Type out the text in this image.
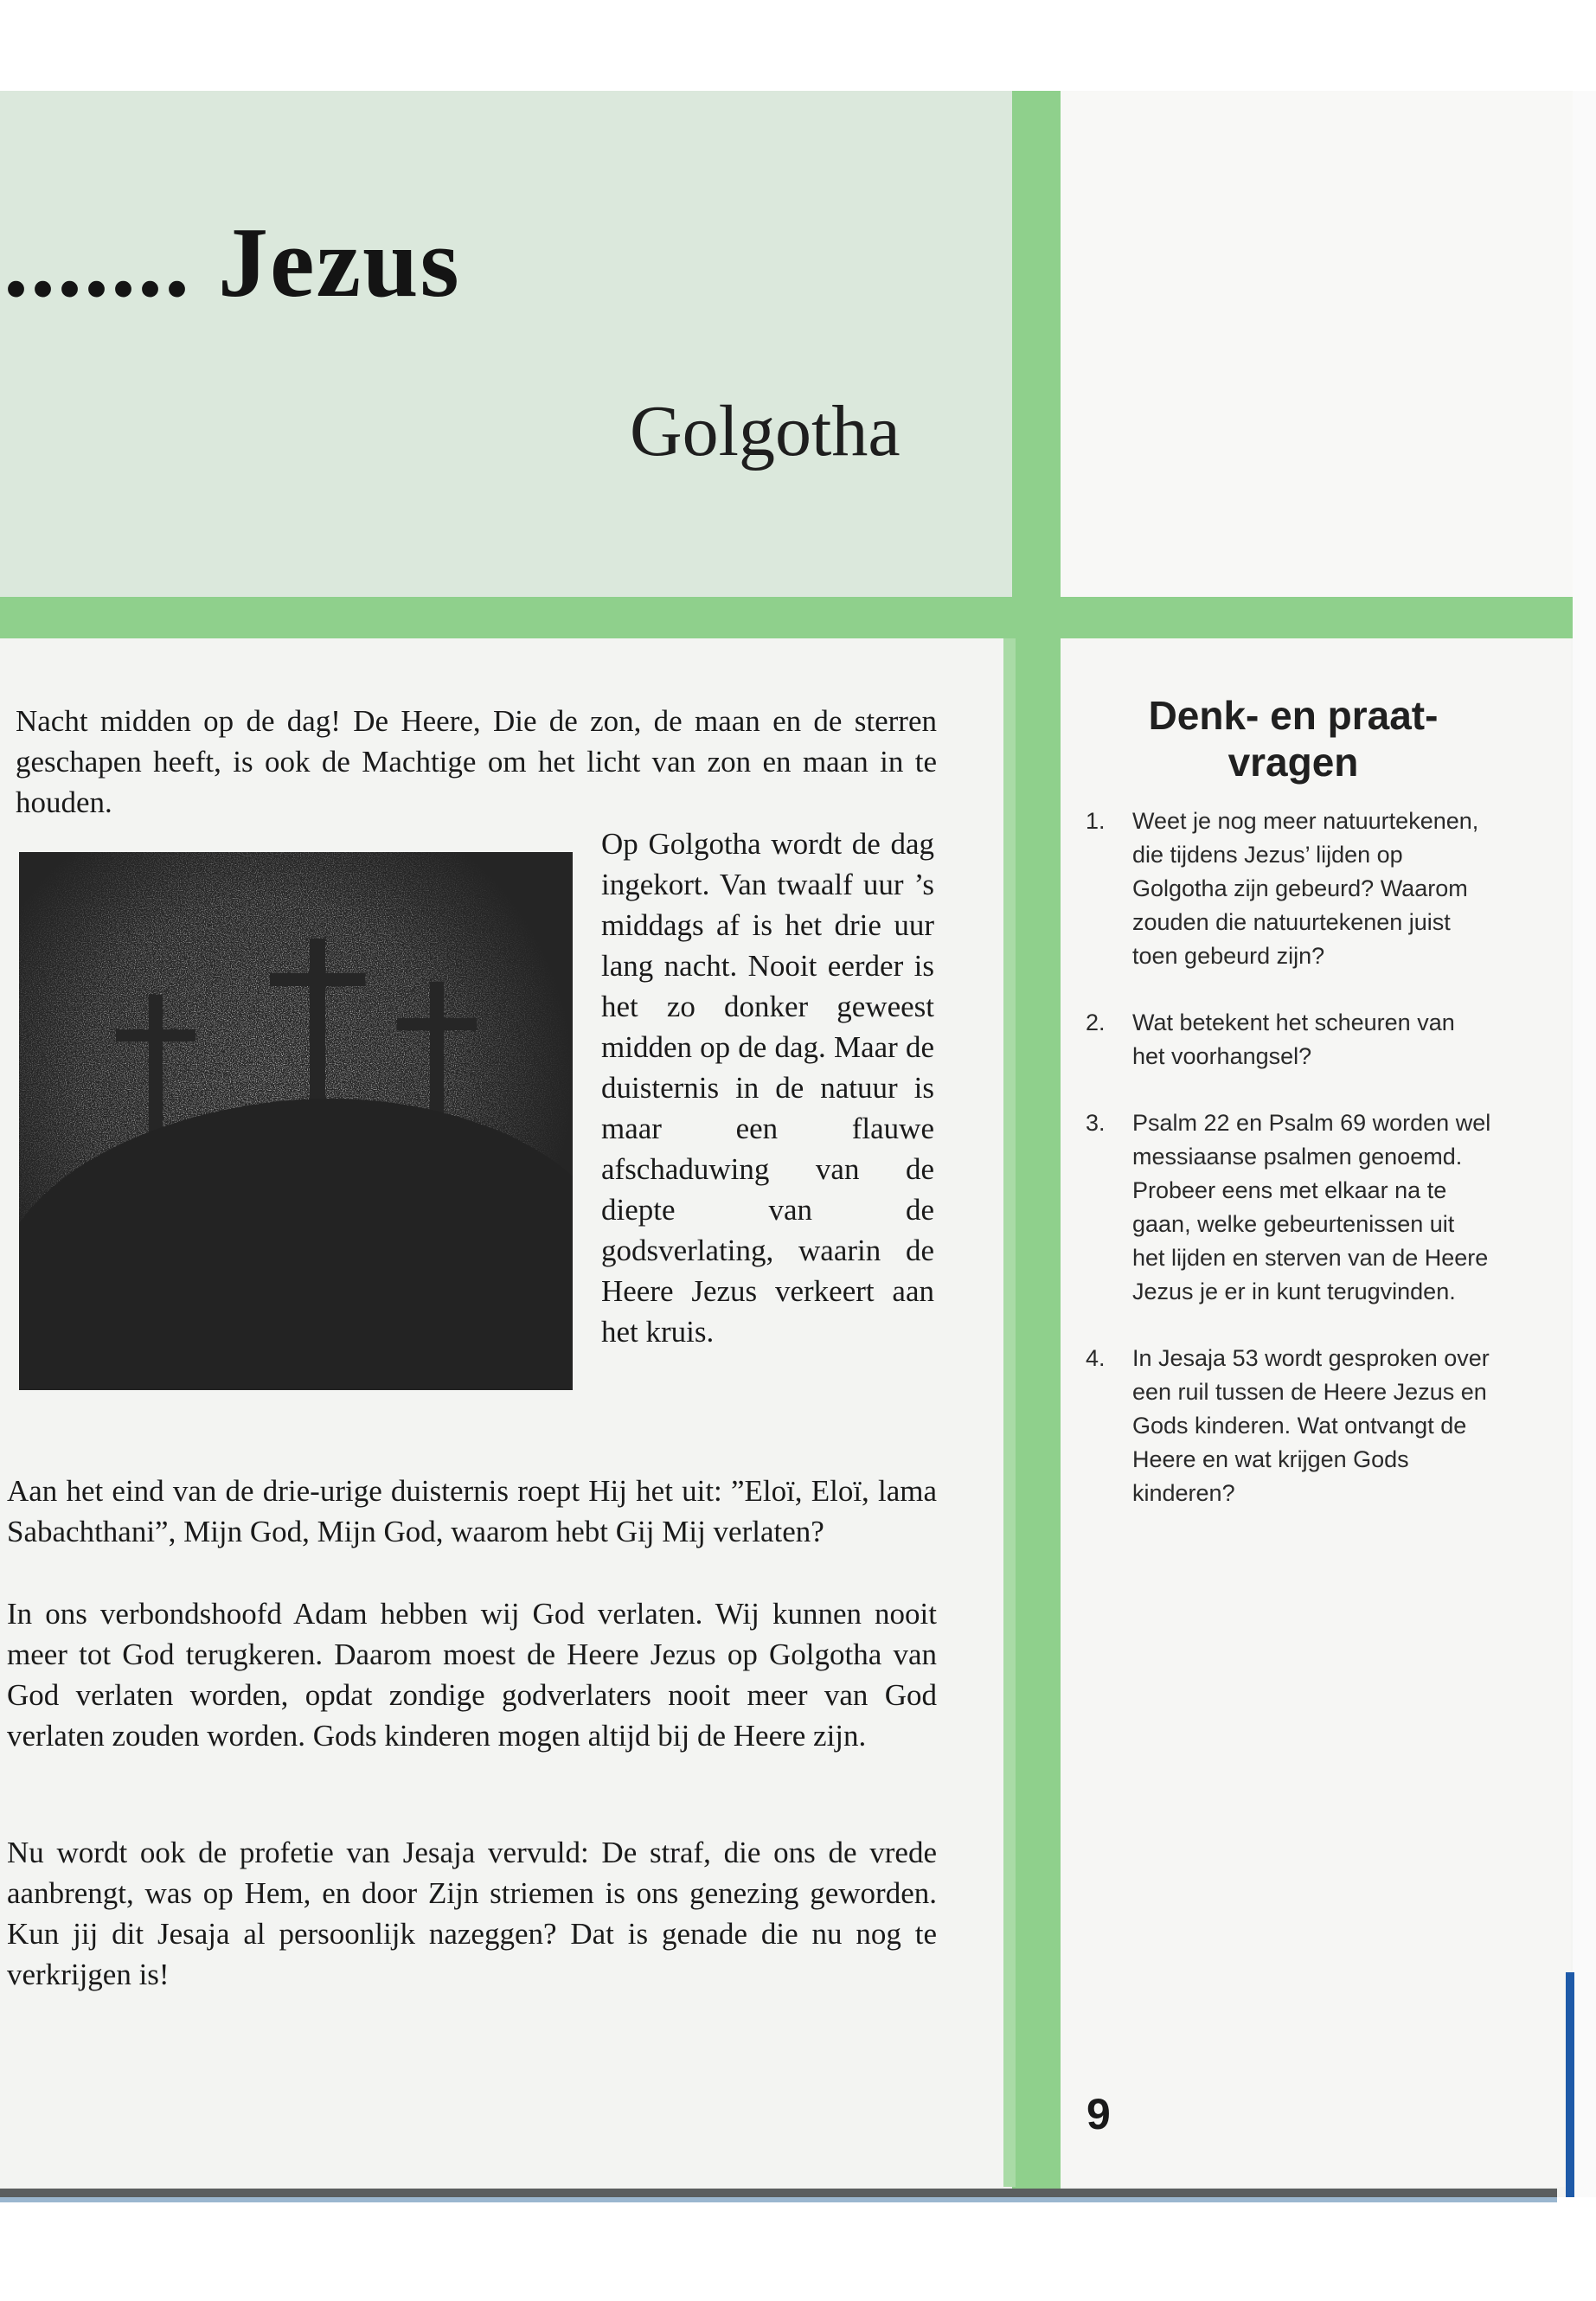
....... Jezus
Golgotha
Nacht midden op de dag! De Heere, Die de zon, de maan en de sterren geschapen heeft, is ook de Machtige om het licht van zon en maan in te houden.
Op Golgotha wordt de dag ingekort. Van twaalf uur ’s middags af is het drie uur lang nacht. Nooit eerder is het zo donker geweest midden op de dag. Maar de duisternis in de natuur is maar een flauwe afschaduwing van de diepte van de godsverlating, waarin de Heere Jezus verkeert aan het kruis.
Aan het eind van de drie-urige duisternis roept Hij het uit: ”Eloï, Eloï, lama Sabachthani”, Mijn God, Mijn God, waarom hebt Gij Mij verlaten?
In ons verbondshoofd Adam hebben wij God verlaten. Wij kunnen nooit meer tot God terugkeren. Daarom moest de Heere Jezus op Golgotha van God verlaten worden, opdat zondige godverlaters nooit meer van God verlaten zouden worden. Gods kinderen mogen altijd bij de Heere zijn.
Nu wordt ook de profetie van Jesaja vervuld: De straf, die ons de vrede aanbrengt, was op Hem, en door Zijn striemen is ons genezing geworden. Kun jij dit Jesaja al persoonlijk nazeggen? Dat is genade die nu nog te verkrijgen is!
Denk- en praat-vragen
1. Weet je nog meer natuurtekenen, die tijdens Jezus’ lijden op Golgotha zijn gebeurd? Waarom zouden die natuurtekenen juist toen gebeurd zijn?
2. Wat betekent het scheuren van het voorhangsel?
3. Psalm 22 en Psalm 69 worden wel messiaanse psalmen genoemd. Probeer eens met elkaar na te gaan, welke gebeurtenissen uit het lijden en sterven van de Heere Jezus je er in kunt terugvinden.
4. In Jesaja 53 wordt gesproken over een ruil tussen de Heere Jezus en Gods kinderen. Wat ontvangt de Heere en wat krijgen Gods kinderen?
9
